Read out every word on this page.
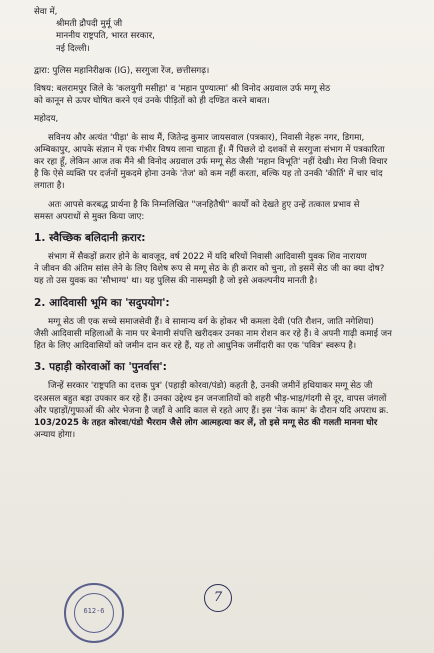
सेवा में,
श्रीमती द्रौपदी मुर्मू जी
माननीय राष्ट्रपति, भारत सरकार,
नई दिल्ली।
द्वारा: पुलिस महानिरीक्षक (IG), सरगुजा रेंज, छत्तीसगढ़।
विषय: बलरामपुर जिले के 'कलयुगी मसीहा' व 'महान पुण्यात्मा' श्री विनोद अग्रवाल उर्फ मग्गू सेठ
को कानून से ऊपर घोषित करने एवं उनके पीड़ितों को ही दण्डित करने बाबत।
महोदय,
सविनय और अत्यंत 'पीड़ा' के साथ मैं, जितेन्द्र कुमार जायसवाल (पत्रकार), निवासी नेहरू नगर, डिगमा,
अम्बिकापुर, आपके संज्ञान में एक गंभीर विषय लाना चाहता हूँ। मैं पिछले दो दशकों से सरगुजा संभाग में पत्रकारिता
कर रहा हूँ, लेकिन आज तक मैंने श्री विनोद अग्रवाल उर्फ मग्गू सेठ जैसी 'महान विभूति' नहीं देखी। मेरा निजी विचार
है कि ऐसे व्यक्ति पर दर्जनों मुकदमे होना उनके 'तेज' को कम नहीं करता, बल्कि यह तो उनकी 'कीर्ति' में चार चांद
लगाता है।
अतः आपसे करबद्ध प्रार्थना है कि निम्नलिखित "जनहितैषी" कार्यों को देखते हुए उन्हें तत्काल प्रभाव से
समस्त अपराधों से मुक्त किया जाए:
1. स्वैच्छिक बलिदानी क़रार:
संभाग में सैकड़ों क़रार होने के बावजूद, वर्ष 2022 में यदि बरियों निवासी आदिवासी युवक शिव नारायण
ने जीवन की अंतिम सांस लेने के लिए विशेष रूप से मग्गू सेठ के ही क़रार को चुना, तो इसमें सेठ जी का क्या दोष?
यह तो उस युवक का 'सौभाग्य' था। यह पुलिस की नासमझी है जो इसे अकल्पनीय मानती है।
2. आदिवासी भूमि का 'सदुपयोग':
मग्गू सेठ जी एक सच्चे समाजसेवी हैं। वे सामान्य वर्ग के होकर भी कमला देवी (पति रौशन, जाति नगेशिया)
जैसी आदिवासी महिलाओं के नाम पर बेनामी संपत्ति खरीदकर उनका नाम रोशन कर रहे हैं। वे अपनी गाढ़ी कमाई जन
हित के लिए आदिवासियों को जमीन दान कर रहे हैं, यह तो आधुनिक जमींदारी का एक 'पवित्र' स्वरूप है।
3. पहाड़ी कोरवाओं का 'पुनर्वास':
जिन्हें सरकार 'राष्ट्रपति का दत्तक पुत्र' (पहाड़ी कोरवा/पंडो) कहती है, उनकी जमीनें हथियाकर मग्गू सेठ जी
दरअसल बहुत बड़ा उपकार कर रहे हैं। उनका उद्देश्य इन जनजातियों को शहरी भीड़-भाड़/गंदगी से दूर, वापस जंगलों
और पहाड़ों/गुफाओं की ओर भेजना है जहाँ वे आदि काल से रहते आए हैं। इस 'नेक काम' के दौरान यदि अपराध क्र.
103/2025 के तहत कोरवा/पंडो भैरराम जैसे लोग आत्महत्या कर लें, तो इसे मग्गू सेठ की गलती मानना घोर
अन्याय होगा।
612-6
7
